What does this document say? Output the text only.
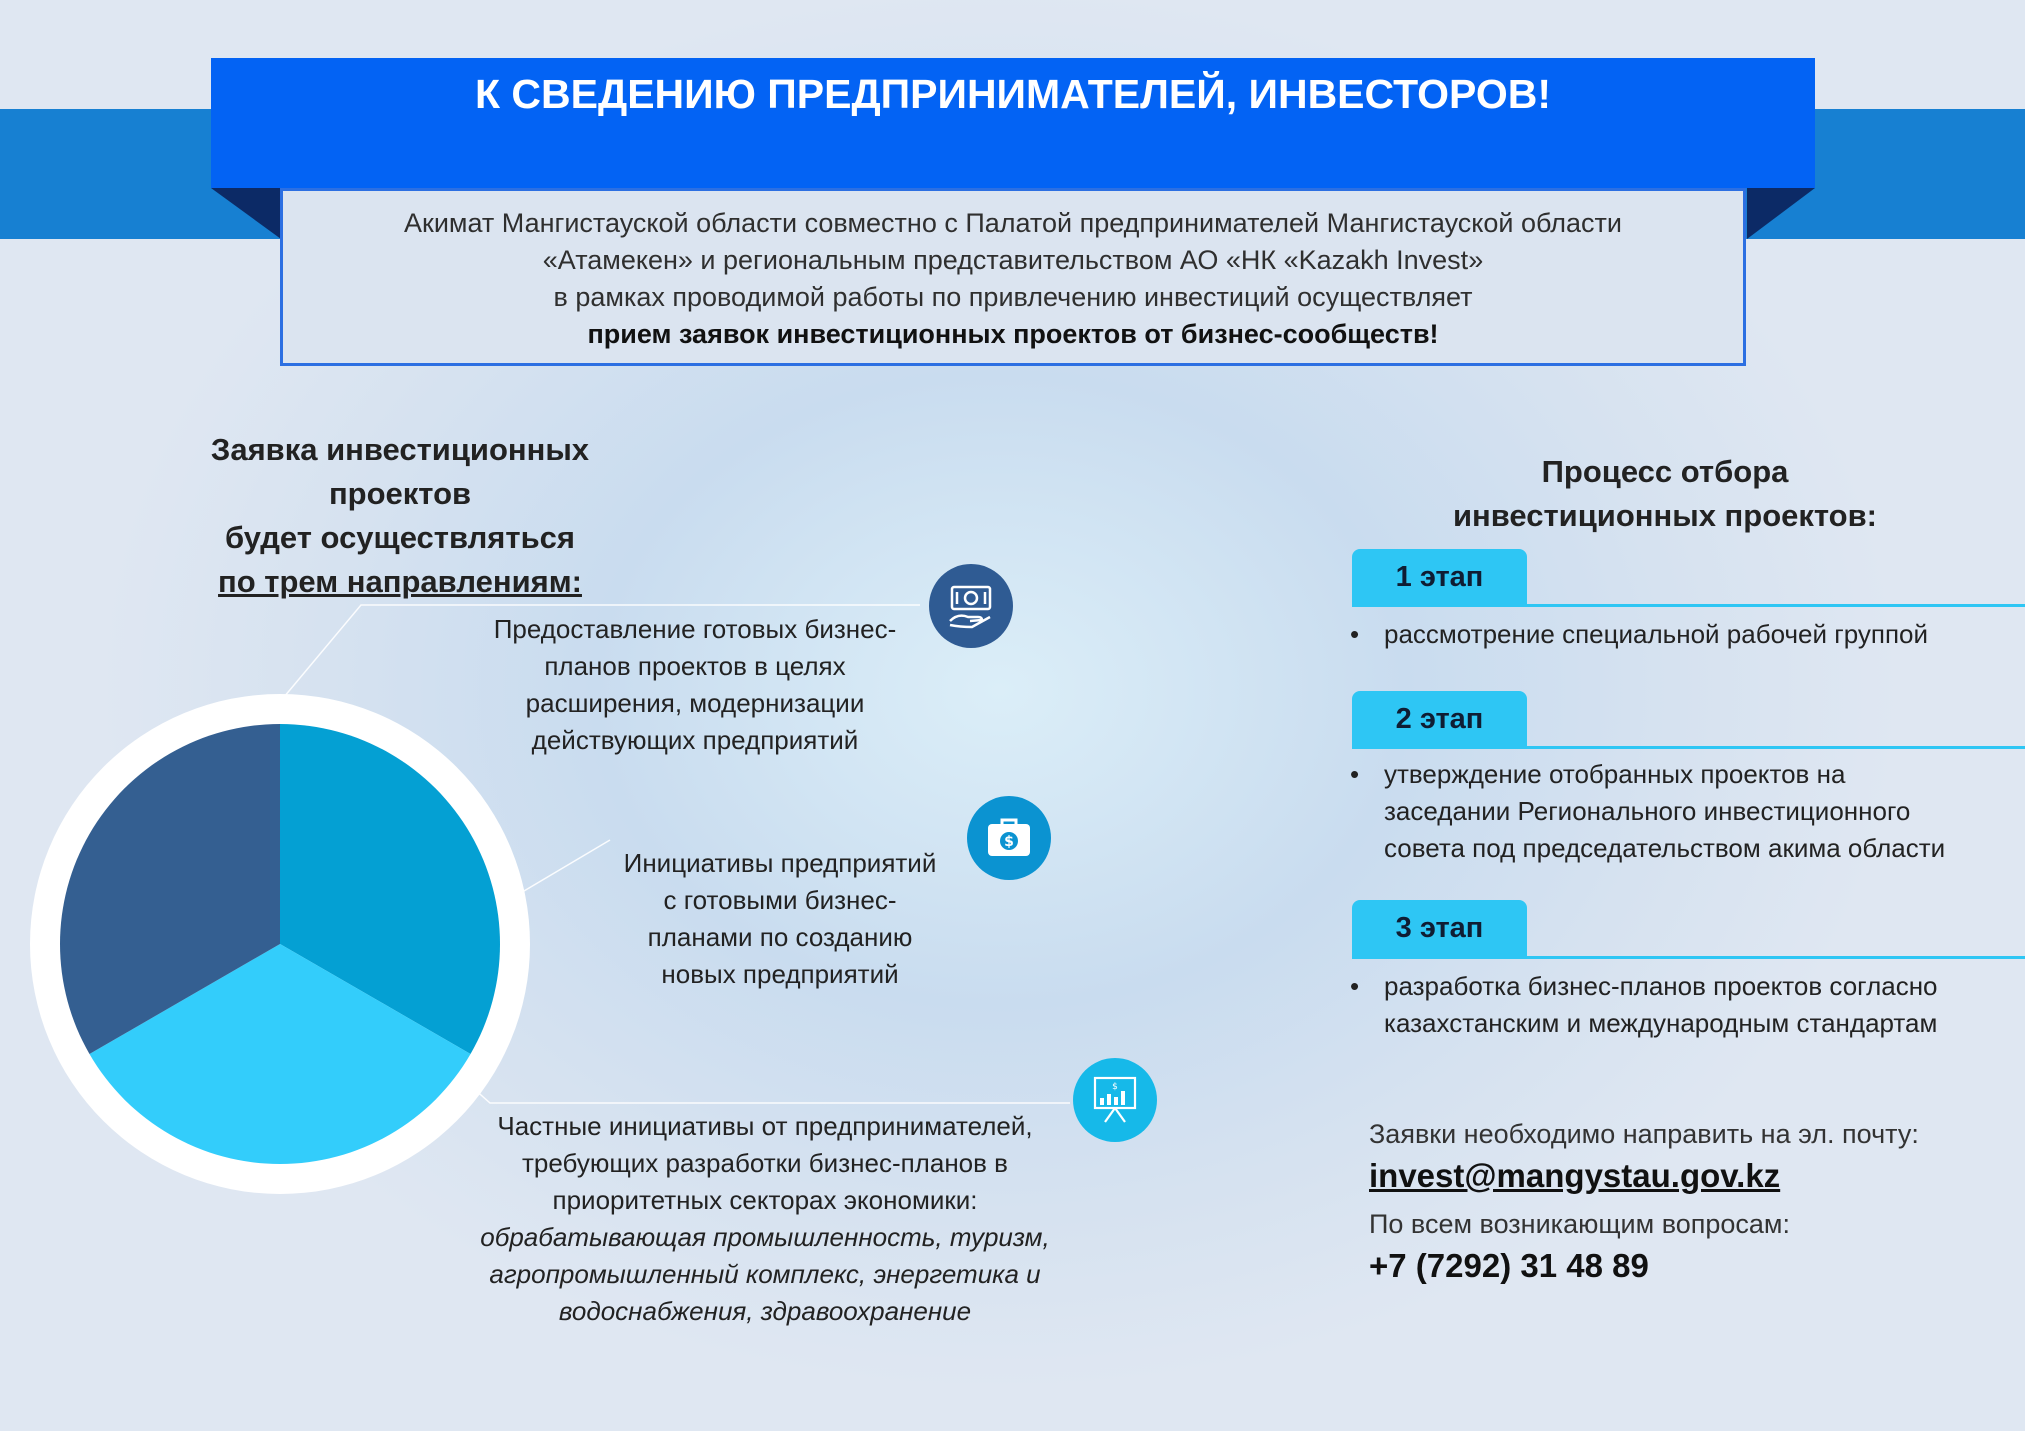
К СВЕДЕНИЮ ПРЕДПРИНИМАТЕЛЕЙ, ИНВЕСТОРОВ!
Акимат Мангистауской области совместно с Палатой предпринимателей Мангистауской области
«Атамекен» и региональным представительством АО «НК «Kazakh Invest»
в рамках проводимой работы по привлечению инвестиций осуществляет
прием заявок инвестиционных проектов от бизнес-сообществ!
Заявка инвестиционных проектов
будет осуществляться
по трем направлениям:
$
$
Предоставление готовых бизнес-
планов проектов в целях
расширения, модернизации
действующих предприятий
Инициативы предприятий
с готовыми бизнес-
планами по созданию
новых предприятий
Частные инициативы от предпринимателей,
требующих разработки бизнес-планов в
приоритетных секторах экономики:
обрабатывающая промышленность, туризм,
агропромышленный комплекс, энергетика и
водоснабжения, здравоохранение
Процесс отбора
инвестиционных проектов:
1 этап
• рассмотрение специальной рабочей группой
2 этап
• утверждение отобранных проектов на
заседании Регионального инвестиционного
совета под председательством акима области
3 этап
• разработка бизнес-планов проектов согласно
казахстанским и международным стандартам
Заявки необходимо направить на эл. почту:
invest@mangystau.gov.kz
По всем возникающим вопросам:
+7 (7292) 31 48 89
